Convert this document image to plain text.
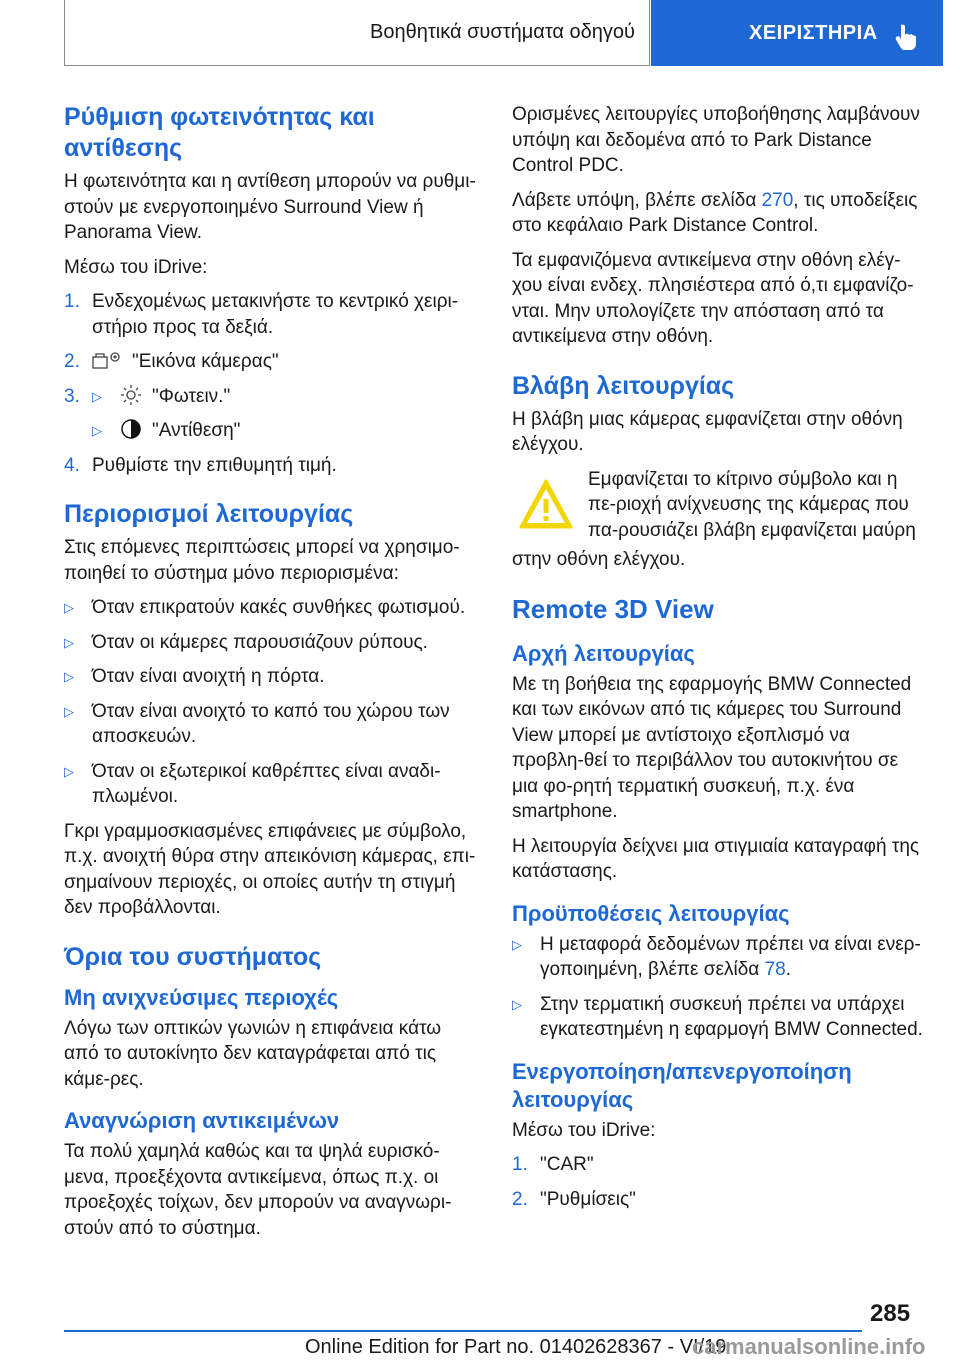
Βοηθητικά συστήματα οδηγού	ΧΕΙΡΙΣΤΗΡΙΑ
Ρύθμιση φωτεινότητας και αντίθεσης

Η φωτεινότητα και η αντίθεση μπορούν να ρυθμι-στούν με ενεργοποιημένο Surround View ή Panorama View.

Μέσω του iDrive:

1. Ενδεχομένως μετακινήστε το κεντρικό χειρι-στήριο προς τα δεξιά.
2.	"Εικόνα κάμερας"
3. ▷	"Φωτειν."
▷	"Αντίθεση"
4. Ρυθμίστε την επιθυμητή τιμή.
Περιορισμοί λειτουργίας

Στις επόμενες περιπτώσεις μπορεί να χρησιμο-ποιηθεί το σύστημα μόνο περιορισμένα:

▷ Όταν επικρατούν κακές συνθήκες φωτισμού.
▷ Όταν οι κάμερες παρουσιάζουν ρύπους.
▷ Όταν είναι ανοιχτή η πόρτα.
▷ Όταν είναι ανοιχτό το καπό του χώρου των αποσκευών.
▷ Όταν οι εξωτερικοί καθρέπτες είναι αναδι-πλωμένοι.

Γκρι γραμμοσκιασμένες επιφάνειες με σύμβολο, π.χ. ανοιχτή θύρα στην απεικόνιση κάμερας, επι-σημαίνουν περιοχές, οι οποίες αυτήν τη στιγμή δεν προβάλλονται.

Όρια του συστήματος
Μη ανιχνεύσιμες περιοχές

Λόγω των οπτικών γωνιών η επιφάνεια κάτω από το αυτοκίνητο δεν καταγράφεται από τις κάμε-ρες.

Αναγνώριση αντικειμένων

Τα πολύ χαμηλά καθώς και τα ψηλά ευρισκό-μενα, προεξέχοντα αντικείμενα, όπως π.χ. οι προεξοχές τοίχων, δεν μπορούν να αναγνωρι-στούν από το σύστημα.

Ορισμένες λειτουργίες υποβοήθησης λαμβάνουν υπόψη και δεδομένα από το Park Distance Control PDC.

Λάβετε υπόψη, βλέπε σελίδα 270, τις υποδείξεις στο κεφάλαιο Park Distance Control.

Τα εμφανιζόμενα αντικείμενα στην οθόνη ελέγ-χου είναι ενδεχ. πλησιέστερα από ό,τι εμφανίζο-νται. Μην υπολογίζετε την απόσταση από τα αντικείμενα στην οθόνη.

Βλάβη λειτουργίας

Η βλάβη μιας κάμερας εμφανίζεται στην οθόνη ελέγχου.

Εμφανίζεται το κίτρινο σύμβολο και η πε-ριοχή ανίχνευσης της κάμερας που πα-ρουσιάζει βλάβη εμφανίζεται μαύρη

στην οθόνη ελέγχου.

Remote 3D View
Αρχή λειτουργίας

Με τη βοήθεια της εφαρμογής BMW Connected και των εικόνων από τις κάμερες του Surround View μπορεί με αντίστοιχο εξοπλισμό να προβλη-θεί το περιβάλλον του αυτοκινήτου σε μια φο-ρητή τερματική συσκευή, π.χ. ένα smartphone.

Η λειτουργία δείχνει μια στιγμιαία καταγραφή της κατάστασης.

Προϋποθέσεις λειτουργίας
▷ Η μεταφορά δεδομένων πρέπει να είναι ενερ-γοποιημένη, βλέπε σελίδα 78.
▷ Στην τερματική συσκευή πρέπει να υπάρχει εγκατεστημένη η εφαρμογή BMW Connected.
Ενεργοποίηση/απενεργοποίηση λειτουργίας

Μέσω του iDrive:

1. "CAR"
2. "Ρυθμίσεις"
285
Online Edition for Part no. 01402628367 - VI/19
carmanualsonline.info
